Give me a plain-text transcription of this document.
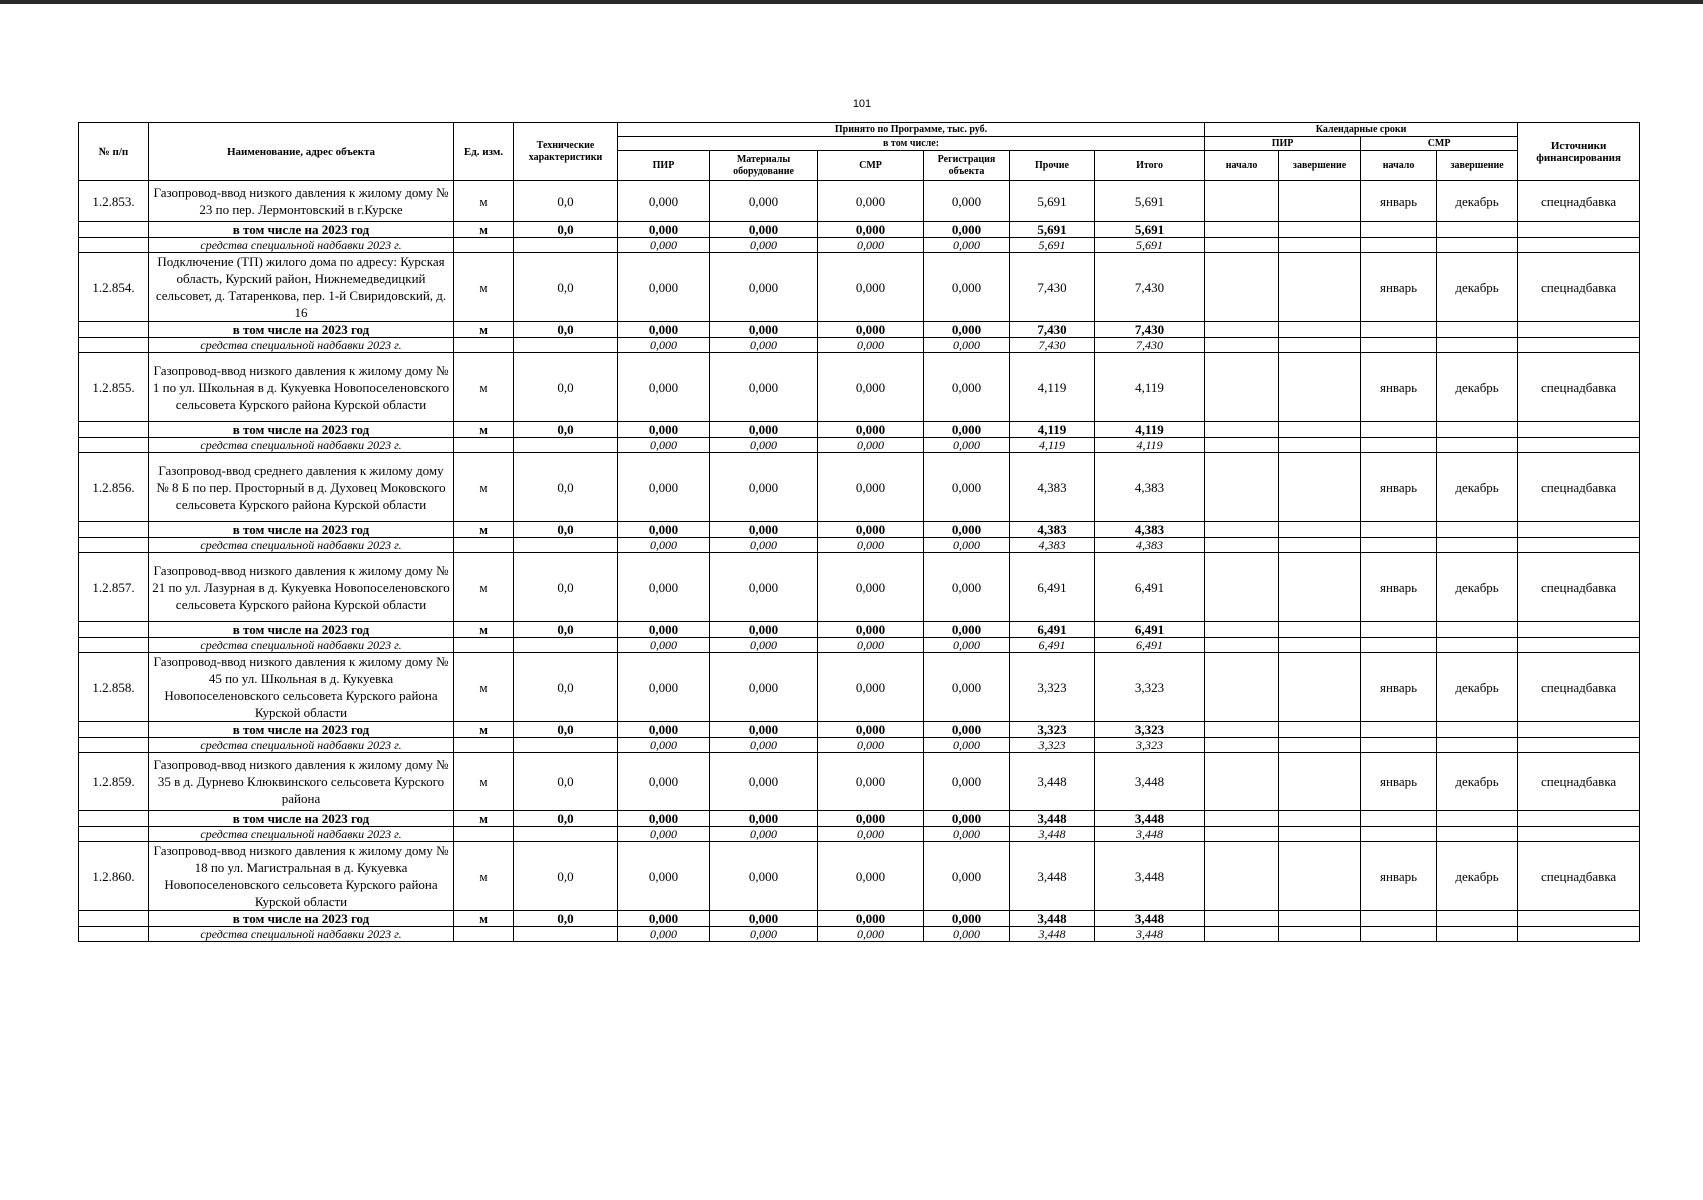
101
№ п/п	Наименование, адрес объекта	Ед. изм.	Технические характеристики	Принято по Программе, тыс. руб.						Календарные сроки				Источники финансирования
				в том числе:						ПИР		СМР		
				ПИР	Материалы оборудование	СМР	Регистрация объекта	Прочие	Итого	начало	завершение	начало	завершение	
1.2.853.	Газопровод-ввод низкого давления к жилому дому № 23 по пер. Лермонтовский в г.Курске	м	0,0	0,000	0,000	0,000	0,000	5,691	5,691			январь	декабрь	спецнадбавка
	в том числе на 2023 год	м	0,0	0,000	0,000	0,000	0,000	5,691	5,691					
	средства специальной надбавки 2023 г.			0,000	0,000	0,000	0,000	5,691	5,691					
1.2.854.	Подключение (ТП) жилого дома по адресу: Курская область, Курский район, Нижнемедведицкий сельсовет, д. Татаренкова, пер. 1-й Свиридовский, д. 16	м	0,0	0,000	0,000	0,000	0,000	7,430	7,430			январь	декабрь	спецнадбавка
	в том числе на 2023 год	м	0,0	0,000	0,000	0,000	0,000	7,430	7,430					
	средства специальной надбавки 2023 г.			0,000	0,000	0,000	0,000	7,430	7,430					
1.2.855.	Газопровод-ввод низкого давления к жилому дому № 1 по ул. Школьная в д. Кукуевка Новопоселеновского сельсовета Курского района Курской области	м	0,0	0,000	0,000	0,000	0,000	4,119	4,119			январь	декабрь	спецнадбавка
	в том числе на 2023 год	м	0,0	0,000	0,000	0,000	0,000	4,119	4,119					
	средства специальной надбавки 2023 г.			0,000	0,000	0,000	0,000	4,119	4,119					
1.2.856.	Газопровод-ввод среднего давления к жилому дому № 8 Б по пер. Просторный в д. Духовец Моковского сельсовета Курского района Курской области	м	0,0	0,000	0,000	0,000	0,000	4,383	4,383			январь	декабрь	спецнадбавка
	в том числе на 2023 год	м	0,0	0,000	0,000	0,000	0,000	4,383	4,383					
	средства специальной надбавки 2023 г.			0,000	0,000	0,000	0,000	4,383	4,383					
1.2.857.	Газопровод-ввод низкого давления к жилому дому № 21 по ул. Лазурная в д. Кукуевка Новопоселеновского сельсовета Курского района Курской области	м	0,0	0,000	0,000	0,000	0,000	6,491	6,491			январь	декабрь	спецнадбавка
	в том числе на 2023 год	м	0,0	0,000	0,000	0,000	0,000	6,491	6,491					
	средства специальной надбавки 2023 г.			0,000	0,000	0,000	0,000	6,491	6,491					
1.2.858.	Газопровод-ввод низкого давления к жилому дому № 45 по ул. Школьная в д. Кукуевка Новопоселеновского сельсовета Курского района Курской области	м	0,0	0,000	0,000	0,000	0,000	3,323	3,323			январь	декабрь	спецнадбавка
	в том числе на 2023 год	м	0,0	0,000	0,000	0,000	0,000	3,323	3,323					
	средства специальной надбавки 2023 г.			0,000	0,000	0,000	0,000	3,323	3,323					
1.2.859.	Газопровод-ввод низкого давления к жилому дому № 35 в д. Дурнево Клюквинского сельсовета Курского района	м	0,0	0,000	0,000	0,000	0,000	3,448	3,448			январь	декабрь	спецнадбавка
	в том числе на 2023 год	м	0,0	0,000	0,000	0,000	0,000	3,448	3,448					
	средства специальной надбавки 2023 г.			0,000	0,000	0,000	0,000	3,448	3,448					
1.2.860.	Газопровод-ввод низкого давления к жилому дому № 18 по ул. Магистральная в д. Кукуевка Новопоселеновского сельсовета Курского района Курской области	м	0,0	0,000	0,000	0,000	0,000	3,448	3,448			январь	декабрь	спецнадбавка
	в том числе на 2023 год	м	0,0	0,000	0,000	0,000	0,000	3,448	3,448					
	средства специальной надбавки 2023 г.			0,000	0,000	0,000	0,000	3,448	3,448					
